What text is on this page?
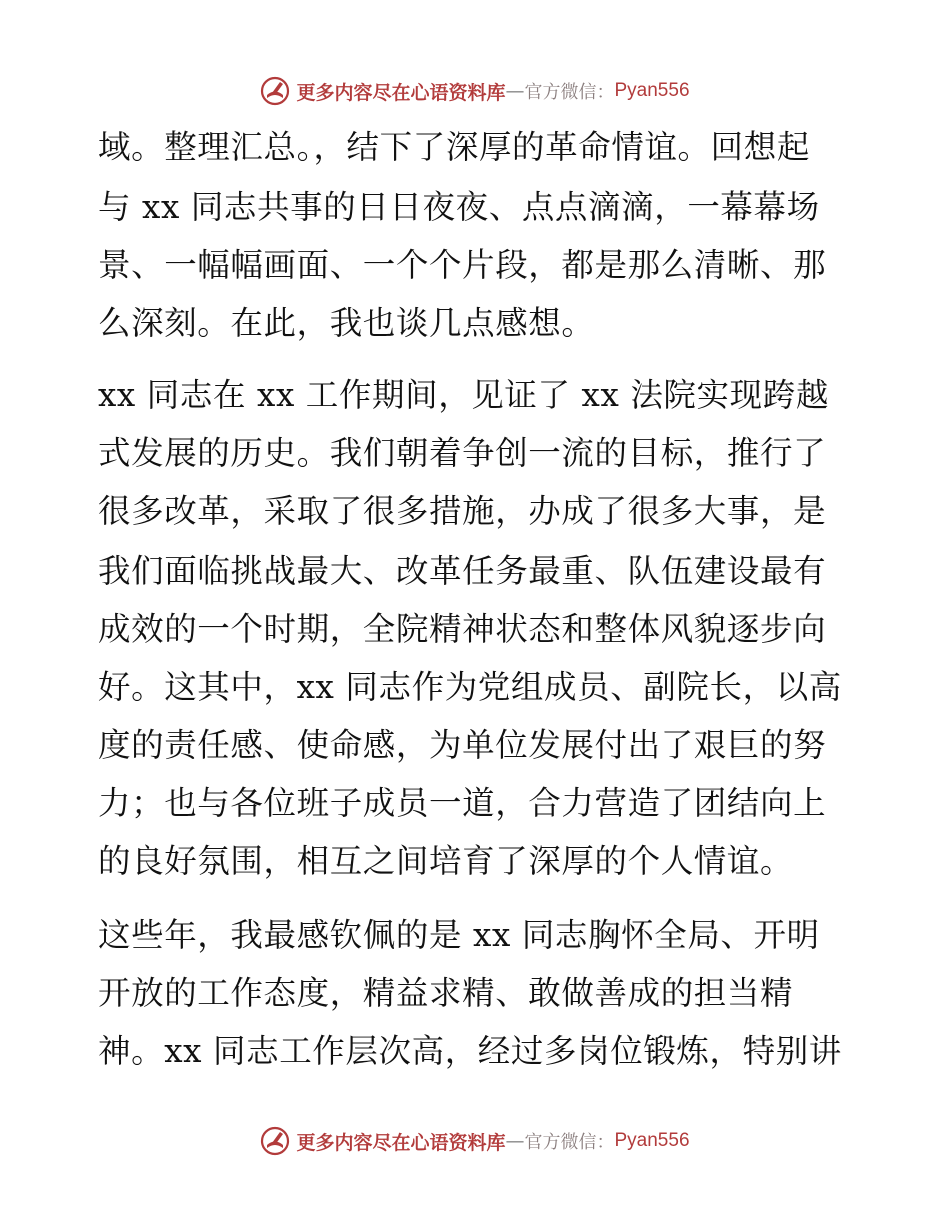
更多内容尽在心语资料库 — 官方微信： Pyan556
域。整理汇总。，结下了深厚的革命情谊。回想起
与 xx 同志共事的日日夜夜、点点滴滴，一幕幕场
景、一幅幅画面、一个个片段，都是那么清晰、那
么深刻。在此，我也谈几点感想。
xx 同志在 xx 工作期间，见证了 xx 法院实现跨越
式发展的历史。我们朝着争创一流的目标，推行了
很多改革，采取了很多措施，办成了很多大事，是
我们面临挑战最大、改革任务最重、队伍建设最有
成效的一个时期，全院精神状态和整体风貌逐步向
好。这其中，xx 同志作为党组成员、副院长，以高
度的责任感、使命感，为单位发展付出了艰巨的努
力；也与各位班子成员一道，合力营造了团结向上
的良好氛围，相互之间培育了深厚的个人情谊。
这些年，我最感钦佩的是 xx 同志胸怀全局、开明
开放的工作态度，精益求精、敢做善成的担当精
神。xx 同志工作层次高，经过多岗位锻炼，特别讲
更多内容尽在心语资料库 — 官方微信： Pyan556
